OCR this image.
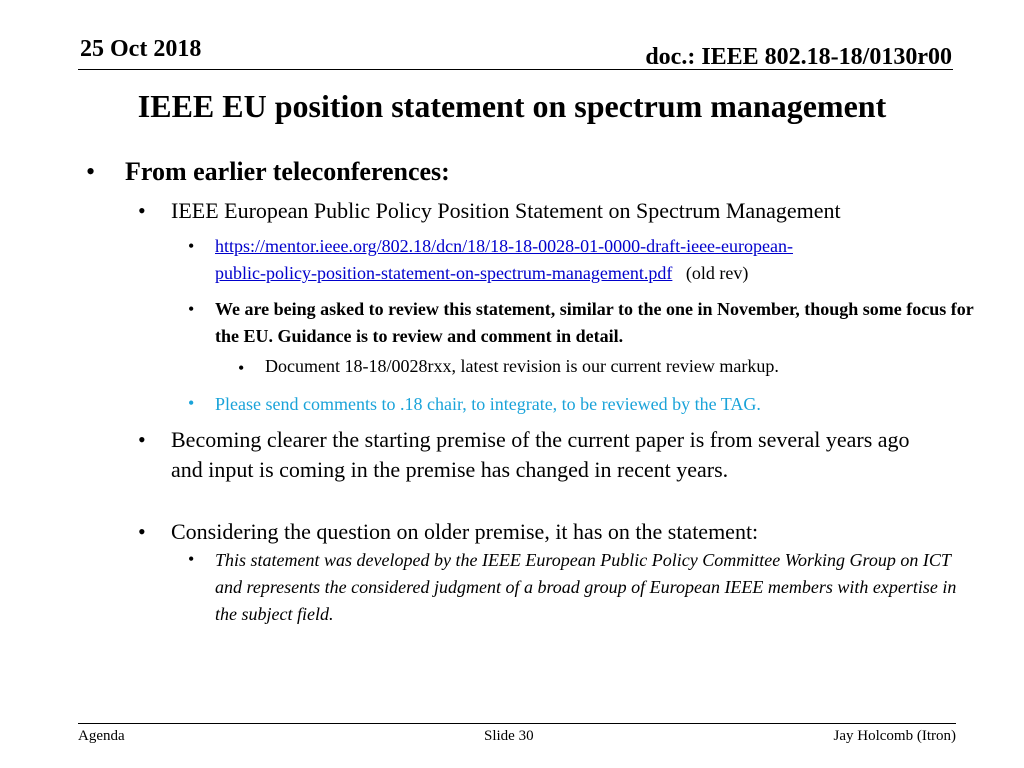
25 Oct 2018	doc.: IEEE 802.18-18/0130r00
IEEE EU position statement on spectrum management
• From earlier teleconferences:
• IEEE European Public Policy Position Statement on Spectrum Management
• https://mentor.ieee.org/802.18/dcn/18/18-18-0028-01-0000-draft-ieee-european-
public-policy-position-statement-on-spectrum-management.pdf (old rev)
• We are being asked to review this statement, similar to the one in November, though some focus for the EU. Guidance is to review and comment in detail.
• Document 18-18/0028rxx, latest revision is our current review markup.
• Please send comments to .18 chair, to integrate, to be reviewed by the TAG.
• Becoming clearer the starting premise of the current paper is from several years ago and input is coming in the premise has changed in recent years.
• Considering the question on older premise, it has on the statement:
• This statement was developed by the IEEE European Public Policy Committee Working Group on ICT and represents the considered judgment of a broad group of European IEEE members with expertise in the subject field.
Agenda	Slide 30	Jay Holcomb (Itron)
